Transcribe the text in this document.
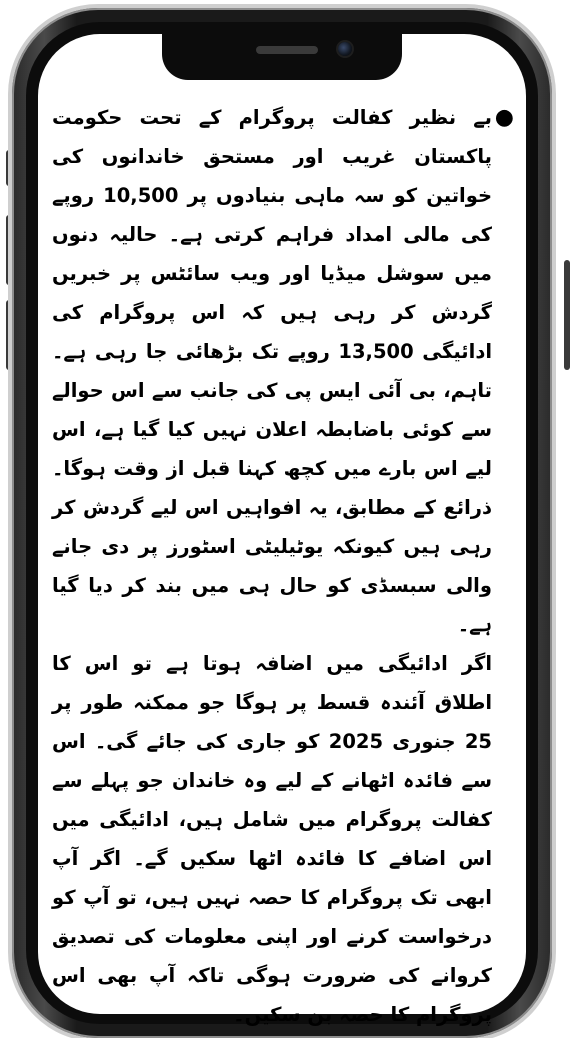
●

بے نظیر کفالت پروگرام کے تحت حکومت پاکستان غریب اور مستحق خاندانوں کی خواتین کو سہ ماہی بنیادوں پر 10,500 روپے کی مالی امداد فراہم کرتی ہے۔ حالیہ دنوں میں سوشل میڈیا اور ویب سائٹس پر خبریں گردش کر رہی ہیں کہ اس پروگرام کی ادائیگی 13,500 روپے تک بڑھائی جا رہی ہے۔ تاہم، بی آئی ایس پی کی جانب سے اس حوالے سے کوئی باضابطہ اعلان نہیں کیا گیا ہے، اس لیے اس بارے میں کچھ کہنا قبل از وقت ہوگا۔ ذرائع کے مطابق، یہ افواہیں اس لیے گردش کر رہی ہیں کیونکہ یوٹیلیٹی اسٹورز پر دی جانے والی سبسڈی کو حال ہی میں بند کر دیا گیا ہے۔

اگر ادائیگی میں اضافہ ہوتا ہے تو اس کا اطلاق آئندہ قسط پر ہوگا جو ممکنہ طور پر 25 جنوری 2025 کو جاری کی جائے گی۔ اس سے فائدہ اٹھانے کے لیے وہ خاندان جو پہلے سے کفالت پروگرام میں شامل ہیں، ادائیگی میں اس اضافے کا فائدہ اٹھا سکیں گے۔ اگر آپ ابھی تک پروگرام کا حصہ نہیں ہیں، تو آپ کو درخواست کرنے اور اپنی معلومات کی تصدیق کروانے کی ضرورت ہوگی تاکہ آپ بھی اس پروگرام کا حصہ بن سکیں۔
